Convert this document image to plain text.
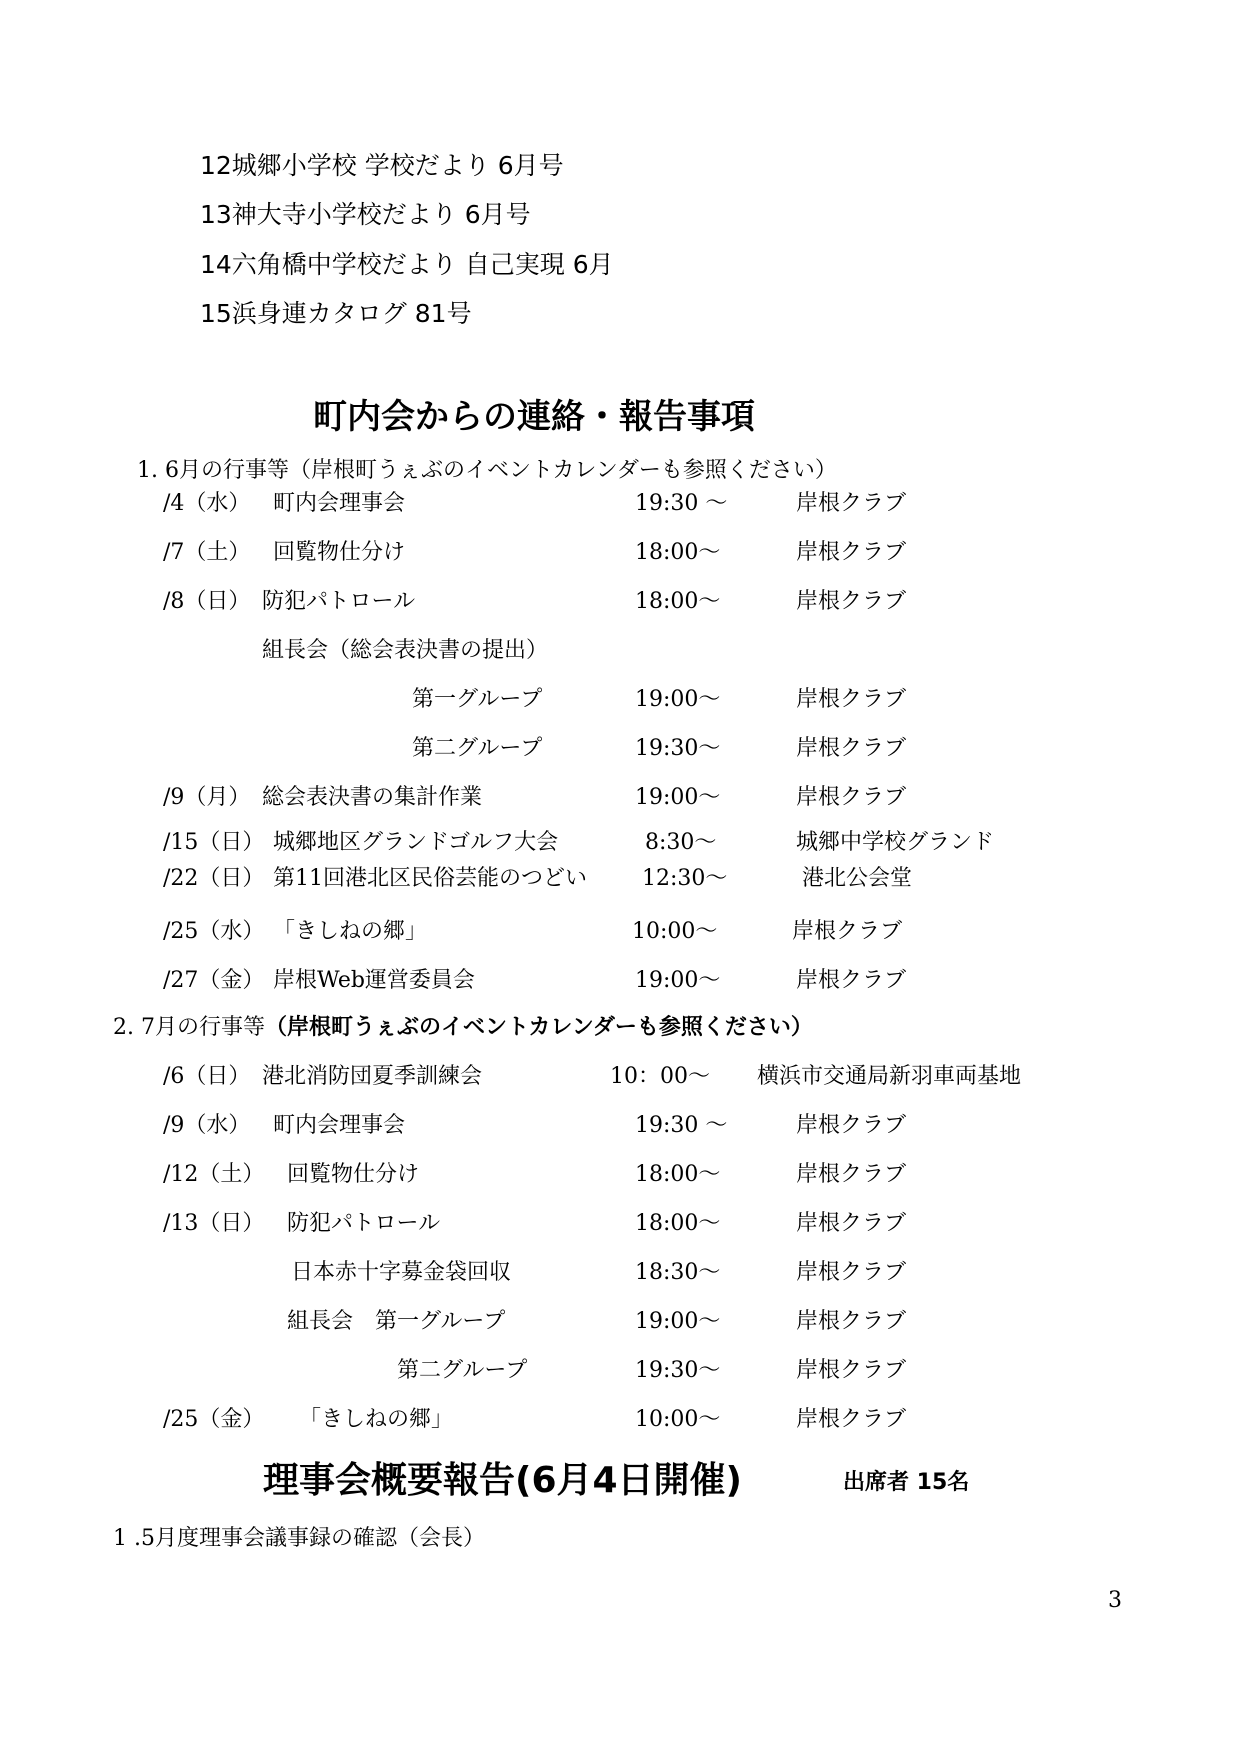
12城郷小学校 学校だより 6月号
13神大寺小学校だより 6月号
14六角橋中学校だより 自己実現 6月
15浜身連カタログ 81号
町内会からの連絡・報告事項
1. 6月の行事等（岸根町うぇぶのイベントカレンダーも参照ください）
/4（水） 町内会理事会	19:30 〜	岸根クラブ
/7（土） 回覧物仕分け	18:00〜	岸根クラブ
/8（日） 防犯パトロール	18:00〜	岸根クラブ
組長会（総会表決書の提出）
第一グループ	19:00〜	岸根クラブ
第二グループ	19:30〜	岸根クラブ
/9（月） 総会表決書の集計作業	19:00〜	岸根クラブ
/15（日） 城郷地区グランドゴルフ大会	8:30〜	城郷中学校グランド
/22（日） 第11回港北区民俗芸能のつどい	12:30〜	港北公会堂
/25（水） 「きしねの郷」	10:00〜	岸根クラブ
/27（金） 岸根Web運営委員会	19:00〜	岸根クラブ
2. 7月の行事等（岸根町うぇぶのイベントカレンダーも参照ください）
/6（日） 港北消防団夏季訓練会	10：00〜 横浜市交通局新羽車両基地
/9（水） 町内会理事会	19:30 〜	岸根クラブ
/12（土） 回覧物仕分け	18:00〜	岸根クラブ
/13（日） 防犯パトロール	18:00〜	岸根クラブ
日本赤十字募金袋回収	18:30〜	岸根クラブ
組長会　第一グループ	19:00〜	岸根クラブ
第二グループ	19:30〜	岸根クラブ
/25（金） 「きしねの郷」	10:00〜	岸根クラブ
理事会概要報告(6月4日開催)	出席者 15名
1 .5月度理事会議事録の確認（会長）
3
